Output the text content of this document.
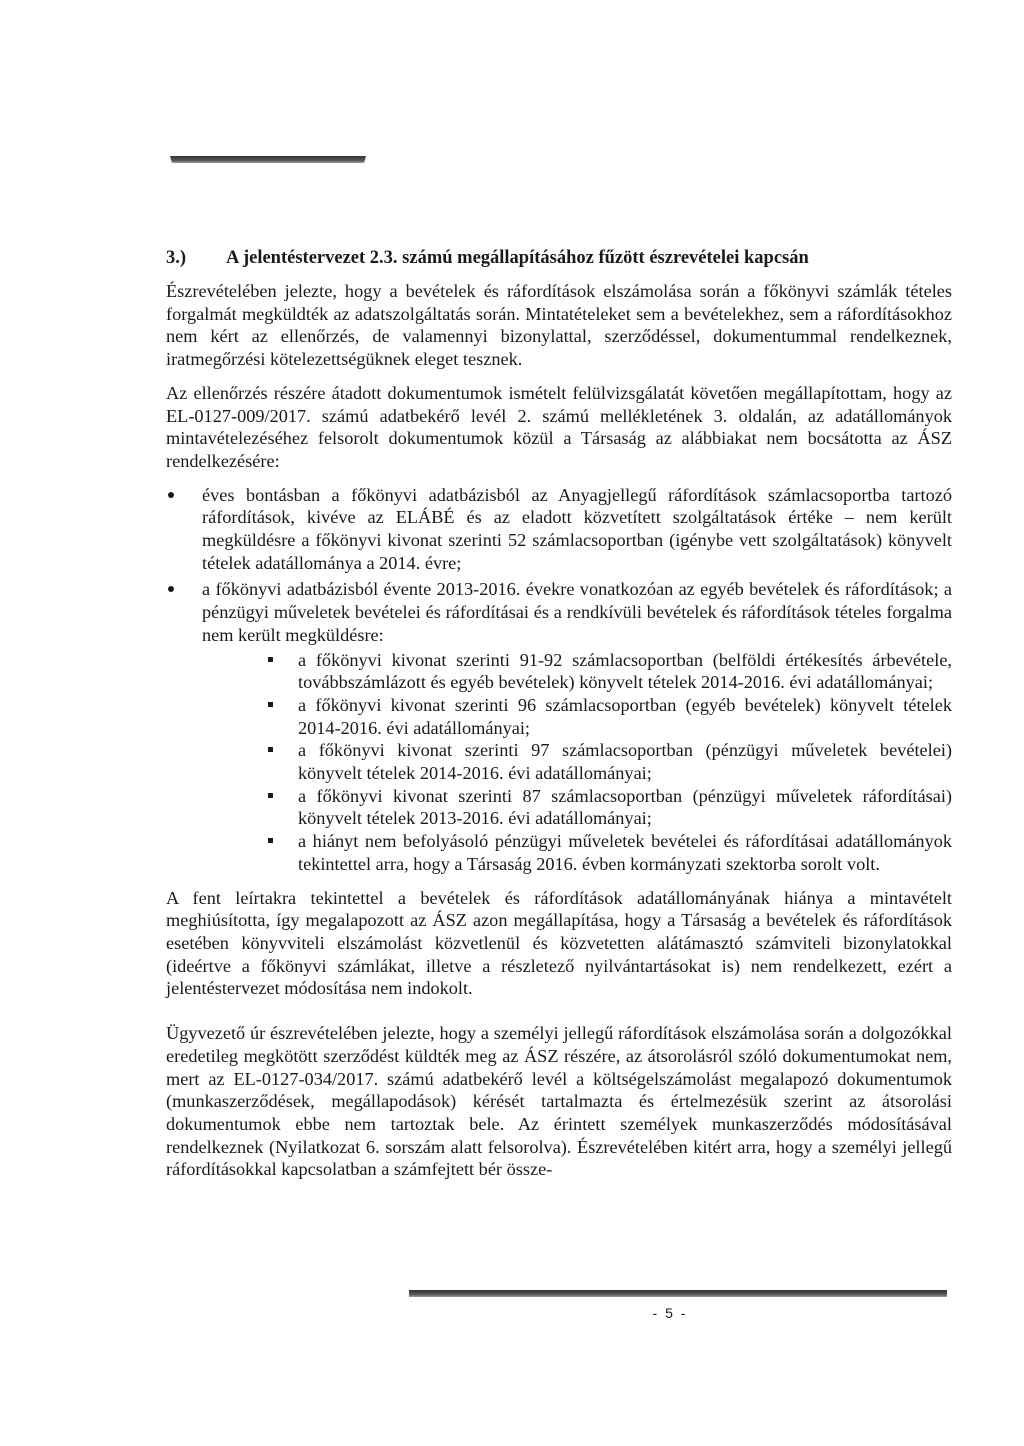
3.) A jelentéstervezet 2.3. számú megállapításához fűzött észrevételei kapcsán

Észrevételében jelezte, hogy a bevételek és ráfordítások elszámolása során a főkönyvi számlák tételes forgalmát megküldték az adatszolgáltatás során. Mintatételeket sem a bevételekhez, sem a ráfordításokhoz nem kért az ellenőrzés, de valamennyi bizonylattal, szerződéssel, dokumentummal rendelkeznek, iratmegőrzési kötelezettségüknek eleget tesznek.

Az ellenőrzés részére átadott dokumentumok ismételt felülvizsgálatát követően megállapítottam, hogy az EL-0127-009/2017. számú adatbekérő levél 2. számú mellékletének 3. oldalán, az adatállományok mintavételezéséhez felsorolt dokumentumok közül a Társaság az alábbiakat nem bocsátotta az ÁSZ rendelkezésére:

éves bontásban a főkönyvi adatbázisból az Anyagjellegű ráfordítások számlacsoportba tartozó ráfordítások, kivéve az ELÁBÉ és az eladott közvetített szolgáltatások értéke – nem került megküldésre a főkönyvi kivonat szerinti 52 számlacsoportban (igénybe vett szolgáltatások) könyvelt tételek adatállománya a 2014. évre;
a főkönyvi adatbázisból évente 2013-2016. évekre vonatkozóan az egyéb bevételek és ráfordítások; a pénzügyi műveletek bevételei és ráfordításai és a rendkívüli bevételek és ráfordítások tételes forgalma nem került megküldésre:
a főkönyvi kivonat szerinti 91-92 számlacsoportban (belföldi értékesítés árbevétele, továbbszámlázott és egyéb bevételek) könyvelt tételek 2014-2016. évi adatállományai;
a főkönyvi kivonat szerinti 96 számlacsoportban (egyéb bevételek) könyvelt tételek 2014-2016. évi adatállományai;
a főkönyvi kivonat szerinti 97 számlacsoportban (pénzügyi műveletek bevételei) könyvelt tételek 2014-2016. évi adatállományai;
a főkönyvi kivonat szerinti 87 számlacsoportban (pénzügyi műveletek ráfordításai) könyvelt tételek 2013-2016. évi adatállományai;
a hiányt nem befolyásoló pénzügyi műveletek bevételei és ráfordításai adatállományok tekintettel arra, hogy a Társaság 2016. évben kormányzati szektorba sorolt volt.

A fent leírtakra tekintettel a bevételek és ráfordítások adatállományának hiánya a mintavételt meghiúsította, így megalapozott az ÁSZ azon megállapítása, hogy a Társaság a bevételek és ráfordítások esetében könyvviteli elszámolást közvetlenül és közvetetten alátámasztó számviteli bizonylatokkal (ideértve a főkönyvi számlákat, illetve a részletező nyilvántartásokat is) nem rendelkezett, ezért a jelentéstervezet módosítása nem indokolt.

Ügyvezető úr észrevételében jelezte, hogy a személyi jellegű ráfordítások elszámolása során a dolgozókkal eredetileg megkötött szerződést küldték meg az ÁSZ részére, az átsorolásról szóló dokumentumokat nem, mert az EL-0127-034/2017. számú adatbekérő levél a költségelszámolást megalapozó dokumentumok (munkaszerződések, megállapodások) kérését tartalmazta és értelmezésük szerint az átsorolási dokumentumok ebbe nem tartoztak bele. Az érintett személyek munkaszerződés módosításával rendelkeznek (Nyilatkozat 6. sorszám alatt felsorolva). Észrevételében kitért arra, hogy a személyi jellegű ráfordításokkal kapcsolatban a számfejtett bér össze-

- 5 -
